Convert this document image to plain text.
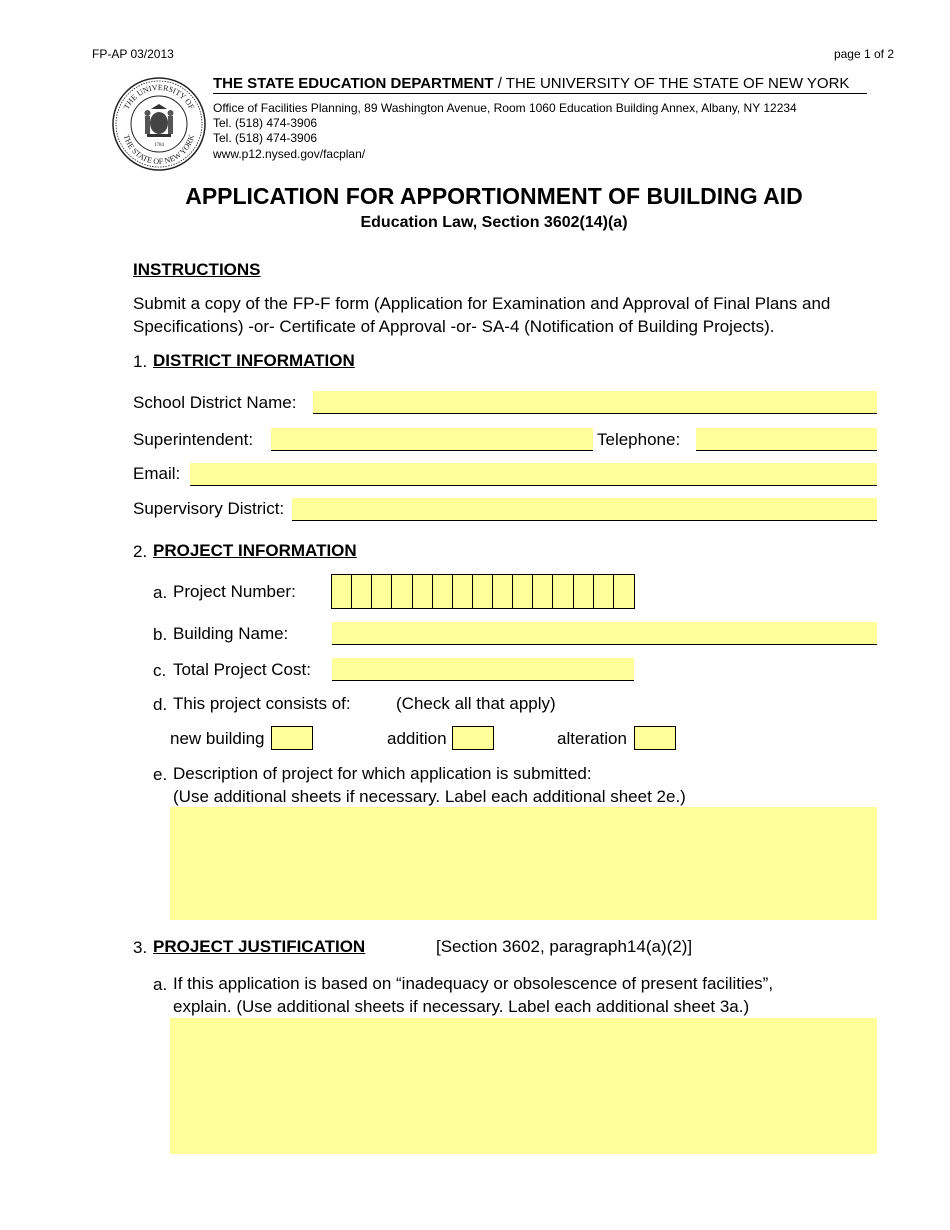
FP-AP 03/2013	page 1 of 2
THE UNIVERSITY OF
THE STATE OF NEW YORK
1784
THE STATE EDUCATION DEPARTMENT / THE UNIVERSITY OF THE STATE OF NEW YORK
Office of Facilities Planning, 89 Washington Avenue, Room 1060 Education Building Annex, Albany, NY 12234
Tel. (518) 474-3906
Tel. (518) 474-3906
www.p12.nysed.gov/facplan/
APPLICATION FOR APPORTIONMENT OF BUILDING AID
Education Law, Section 3602(14)(a)
INSTRUCTIONS
Submit a copy of the FP-F form (Application for Examination and Approval of Final Plans and
Specifications) -or- Certificate of Approval -or- SA-4 (Notification of Building Projects).
1. DISTRICT INFORMATION
School District Name:
Superintendent:	Telephone:
Email:
Supervisory District:
2. PROJECT INFORMATION
a. Project Number:
b. Building Name:
c. Total Project Cost:
d. This project consists of:	(Check all that apply)
new building	addition	alteration
e. Description of project for which application is submitted:
(Use additional sheets if necessary. Label each additional sheet 2e.)
3. PROJECT JUSTIFICATION	[Section 3602, paragraph14(a)(2)]
a. If this application is based on “inadequacy or obsolescence of present facilities”,
explain. (Use additional sheets if necessary. Label each additional sheet 3a.)
